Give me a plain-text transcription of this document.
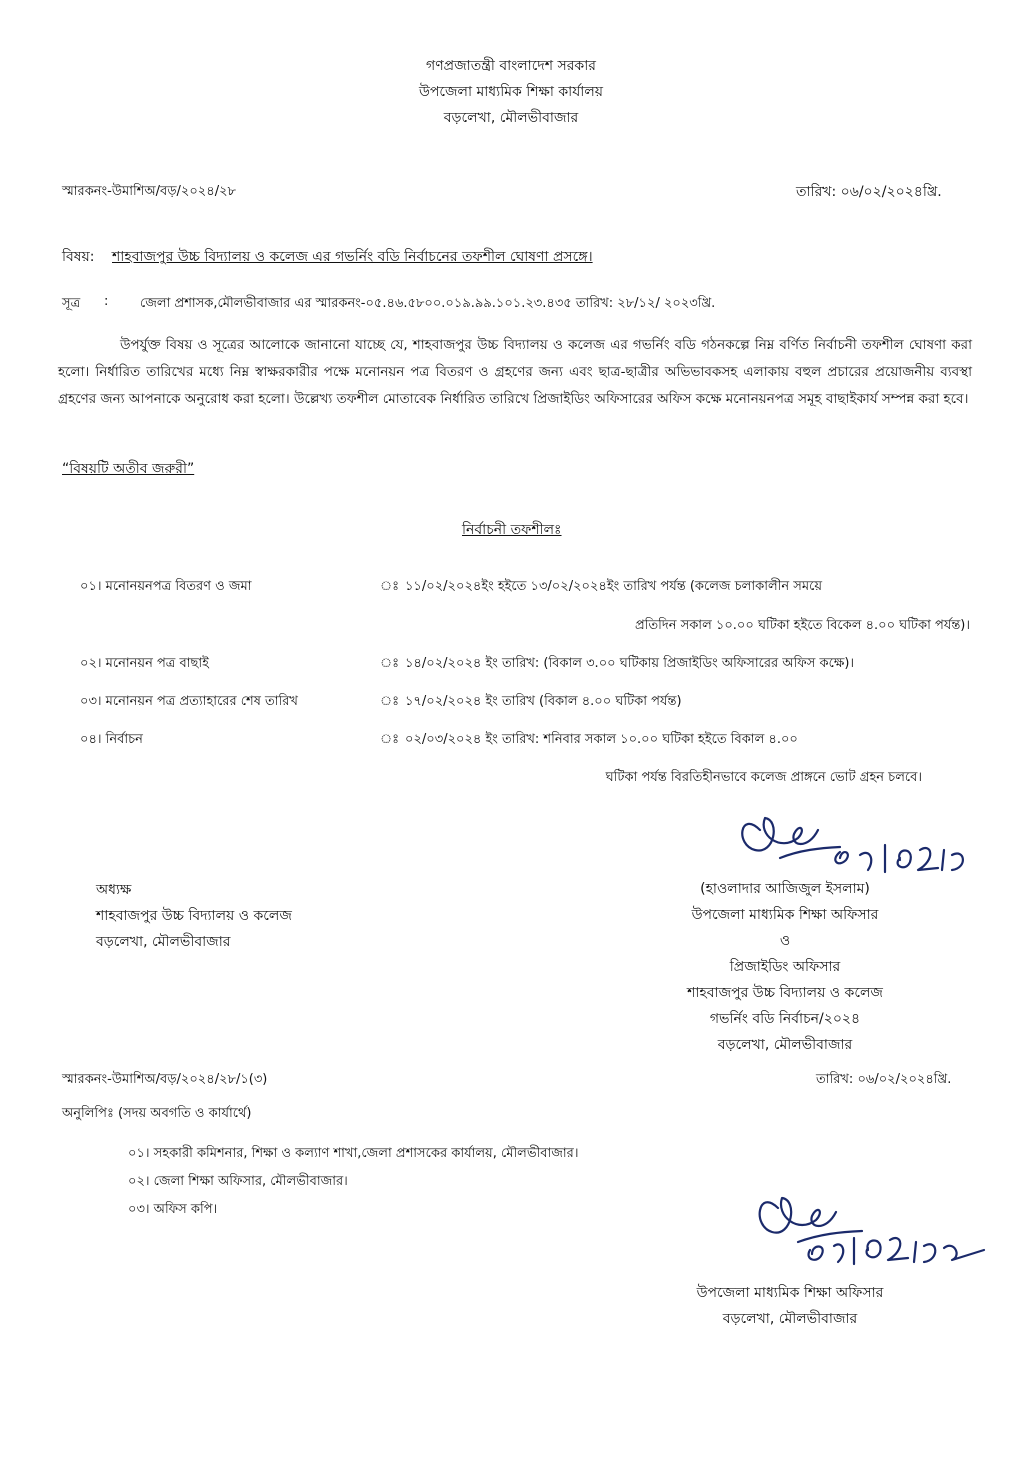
গণপ্রজাতন্ত্রী বাংলাদেশ সরকার
উপজেলা মাধ্যমিক শিক্ষা কার্যালয়
বড়লেখা, মৌলভীবাজার
স্মারকনং-উমাশিঅ/বড়/২০২৪/২৮	তারিখ: ০৬/০২/২০২৪খ্রি.
বিষয়: শাহবাজপুর উচ্চ বিদ্যালয় ও কলেজ এর গভর্নিং বডি নির্বাচনের তফশীল ঘোষণা প্রসঙ্গে।
সূত্র : জেলা প্রশাসক,মৌলভীবাজার এর স্মারকনং-০৫.৪৬.৫৮০০.০১৯.৯৯.১০১.২৩.৪৩৫ তারিখ: ২৮/১২/ ২০২৩খ্রি.
উপর্যুক্ত বিষয় ও সূত্রের আলোকে জানানো যাচ্ছে যে, শাহবাজপুর উচ্চ বিদ্যালয় ও কলেজ এর গভর্নিং বডি গঠনকল্পে নিম্ন বর্ণিত নির্বাচনী তফশীল ঘোষণা করা হলো। নির্ধারিত তারিখের মধ্যে নিম্ন স্বাক্ষরকারীর পক্ষে মনোনয়ন পত্র বিতরণ ও গ্রহণের জন্য এবং ছাত্র-ছাত্রীর অভিভাবকসহ এলাকায় বহুল প্রচারের প্রয়োজনীয় ব্যবস্থা গ্রহণের জন্য আপনাকে অনুরোধ করা হলো। উল্লেখ্য তফশীল মোতাবেক নির্ধারিত তারিখে প্রিজাইডিং অফিসারের অফিস কক্ষে মনোনয়নপত্র সমূহ বাছাইকার্য সম্পন্ন করা হবে।
“বিষয়টি অতীব জরুরী”
নির্বাচনী তফশীলঃ
০১। মনোনয়নপত্র বিতরণ ও জমা	ঃ ১১/০২/২০২৪ইং হইতে ১৩/০২/২০২৪ইং তারিখ পর্যন্ত (কলেজ চলাকালীন সময়ে
প্রতিদিন সকাল ১০.০০ ঘটিকা হইতে বিকেল ৪.০০ ঘটিকা পর্যন্ত)।
০২। মনোনয়ন পত্র বাছাই	ঃ ১৪/০২/২০২৪ ইং তারিখ: (বিকাল ৩.০০ ঘটিকায় প্রিজাইডিং অফিসারের অফিস কক্ষে)।
০৩। মনোনয়ন পত্র প্রত্যাহারের শেষ তারিখ	ঃ ১৭/০২/২০২৪ ইং তারিখ (বিকাল ৪.০০ ঘটিকা পর্যন্ত)
০৪। নির্বাচন	ঃ ০২/০৩/২০২৪ ইং তারিখ: শনিবার সকাল ১০.০০ ঘটিকা হইতে বিকাল ৪.০০
ঘটিকা পর্যন্ত বিরতিহীনভাবে কলেজ প্রাঙ্গনে ভোট গ্রহন চলবে।
অধ্যক্ষ
শাহবাজপুর উচ্চ বিদ্যালয় ও কলেজ
বড়লেখা, মৌলভীবাজার
(হাওলাদার আজিজুল ইসলাম)
উপজেলা মাধ্যমিক শিক্ষা অফিসার
ও
প্রিজাইডিং অফিসার
শাহবাজপুর উচ্চ বিদ্যালয় ও কলেজ
গভর্নিং বডি নির্বাচন/২০২৪
বড়লেখা, মৌলভীবাজার
স্মারকনং-উমাশিঅ/বড়/২০২৪/২৮/১(৩)	তারিখ: ০৬/০২/২০২৪খ্রি.
অনুলিপিঃ (সদয় অবগতি ও কার্যার্থে)
০১। সহকারী কমিশনার, শিক্ষা ও কল্যাণ শাখা,জেলা প্রশাসকের কার্যালয়, মৌলভীবাজার।
০২। জেলা শিক্ষা অফিসার, মৌলভীবাজার।
০৩। অফিস কপি।
উপজেলা মাধ্যমিক শিক্ষা অফিসার
বড়লেখা, মৌলভীবাজার
